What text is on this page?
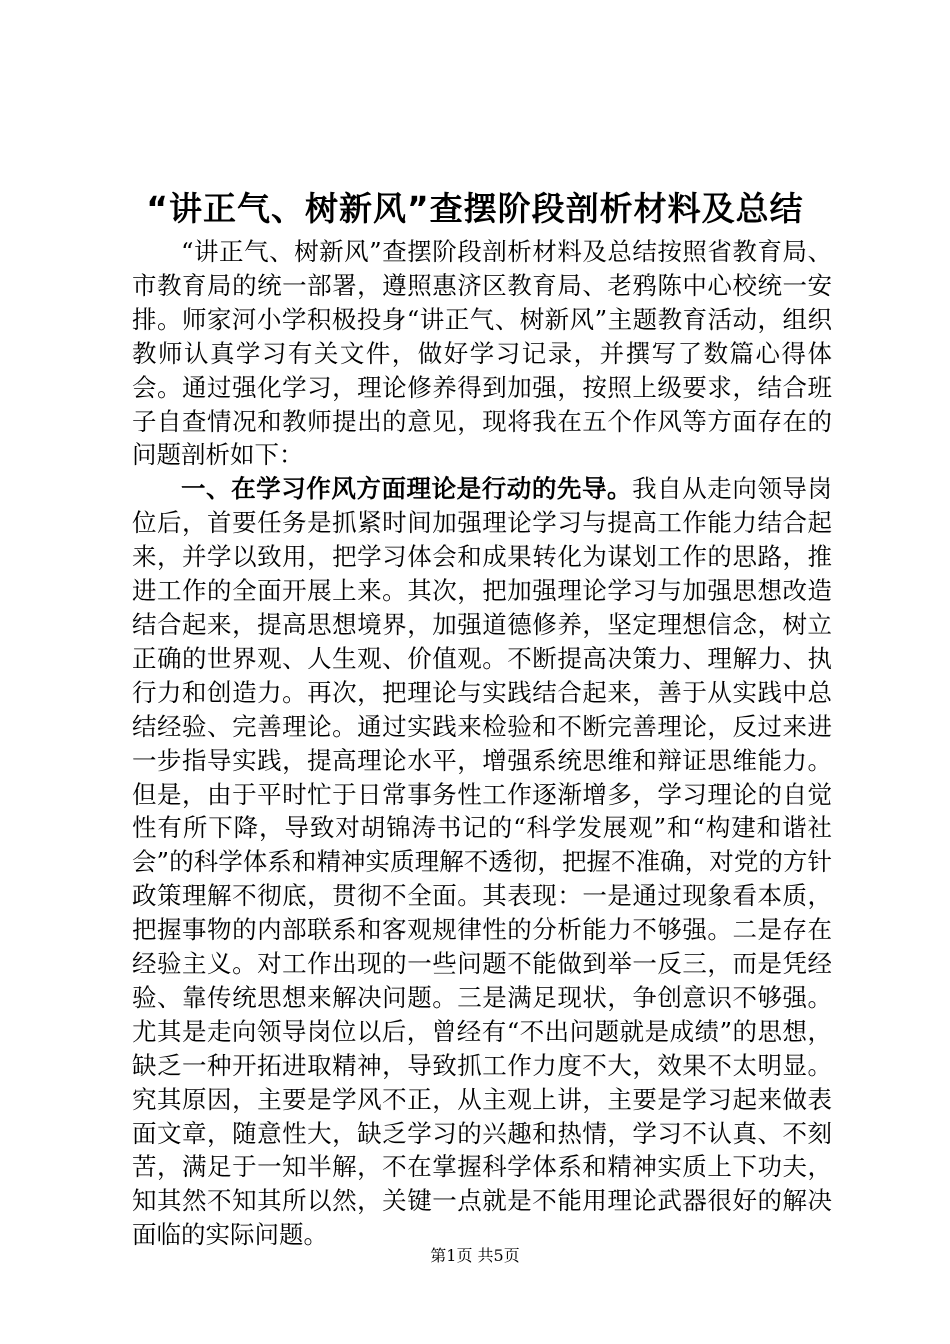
“讲正气、树新风”查摆阶段剖析材料及总结

“讲正气、树新风”查摆阶段剖析材料及总结按照省教育局、市教育局的统一部署，遵照惠济区教育局、老鸦陈中心校统一安排。师家河小学积极投身“讲正气、树新风”主题教育活动，组织教师认真学习有关文件，做好学习记录，并撰写了数篇心得体会。通过强化学习，理论修养得到加强，按照上级要求，结合班子自查情况和教师提出的意见，现将我在五个作风等方面存在的问题剖析如下：

一、在学习作风方面理论是行动的先导。我自从走向领导岗位后，首要任务是抓紧时间加强理论学习与提高工作能力结合起来，并学以致用，把学习体会和成果转化为谋划工作的思路，推进工作的全面开展上来。其次，把加强理论学习与加强思想改造结合起来，提高思想境界，加强道德修养，坚定理想信念，树立正确的世界观、人生观、价值观。不断提高决策力、理解力、执行力和创造力。再次，把理论与实践结合起来，善于从实践中总结经验、完善理论。通过实践来检验和不断完善理论，反过来进一步指导实践，提高理论水平，增强系统思维和辩证思维能力。但是，由于平时忙于日常事务性工作逐渐增多，学习理论的自觉性有所下降，导致对胡锦涛书记的“科学发展观”和“构建和谐社会”的科学体系和精神实质理解不透彻，把握不准确，对党的方针政策理解不彻底，贯彻不全面。其表现：一是通过现象看本质，把握事物的内部联系和客观规律性的分析能力不够强。二是存在经验主义。对工作出现的一些问题不能做到举一反三，而是凭经验、靠传统思想来解决问题。三是满足现状，争创意识不够强。尤其是走向领导岗位以后，曾经有“不出问题就是成绩”的思想，缺乏一种开拓进取精神，导致抓工作力度不大，效果不太明显。究其原因，主要是学风不正，从主观上讲，主要是学习起来做表面文章，随意性大，缺乏学习的兴趣和热情，学习不认真、不刻苦，满足于一知半解，不在掌握科学体系和精神实质上下功夫，知其然不知其所以然，关键一点就是不能用理论武器很好的解决面临的实际问题。

第1页 共5页
